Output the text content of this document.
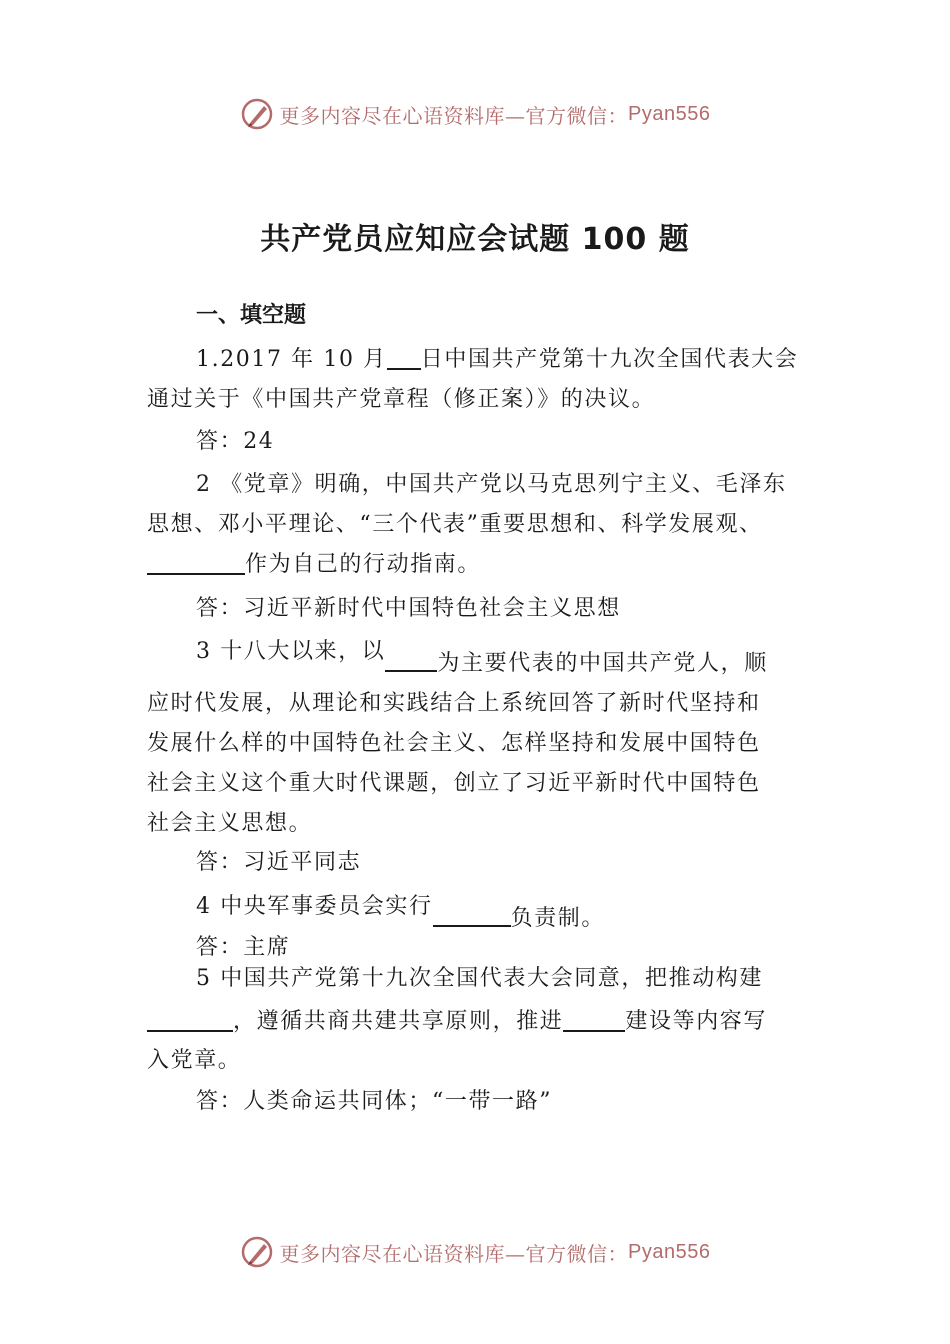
更多内容尽在心语资料库—官方微信： Pyan556
共产党员应知应会试题 100 题
一、填空题
1.2017 年 10 月 日中国共产党第十九次全国代表大会
通过关于《中国共产党章程（修正案）》的决议。
答：24
2 《党章》明确，中国共产党以马克思列宁主义、毛泽东
思想、邓小平理论、“三个代表”重要思想和、科学发展观、
作为自己的行动指南。
答：习近平新时代中国特色社会主义思想
3 十八大以来，以 为主要代表的中国共产党人，顺
应时代发展，从理论和实践结合上系统回答了新时代坚持和
发展什么样的中国特色社会主义、怎样坚持和发展中国特色
社会主义这个重大时代课题，创立了习近平新时代中国特色
社会主义思想。
答：习近平同志
4 中央军事委员会实行	负责制。
答：主席
5 中国共产党第十九次全国代表大会同意，把推动构建
，遵循共商共建共享原则，推进	建设等内容写
入党章。
答：人类命运共同体；“一带一路”
更多内容尽在心语资料库—官方微信： Pyan556
